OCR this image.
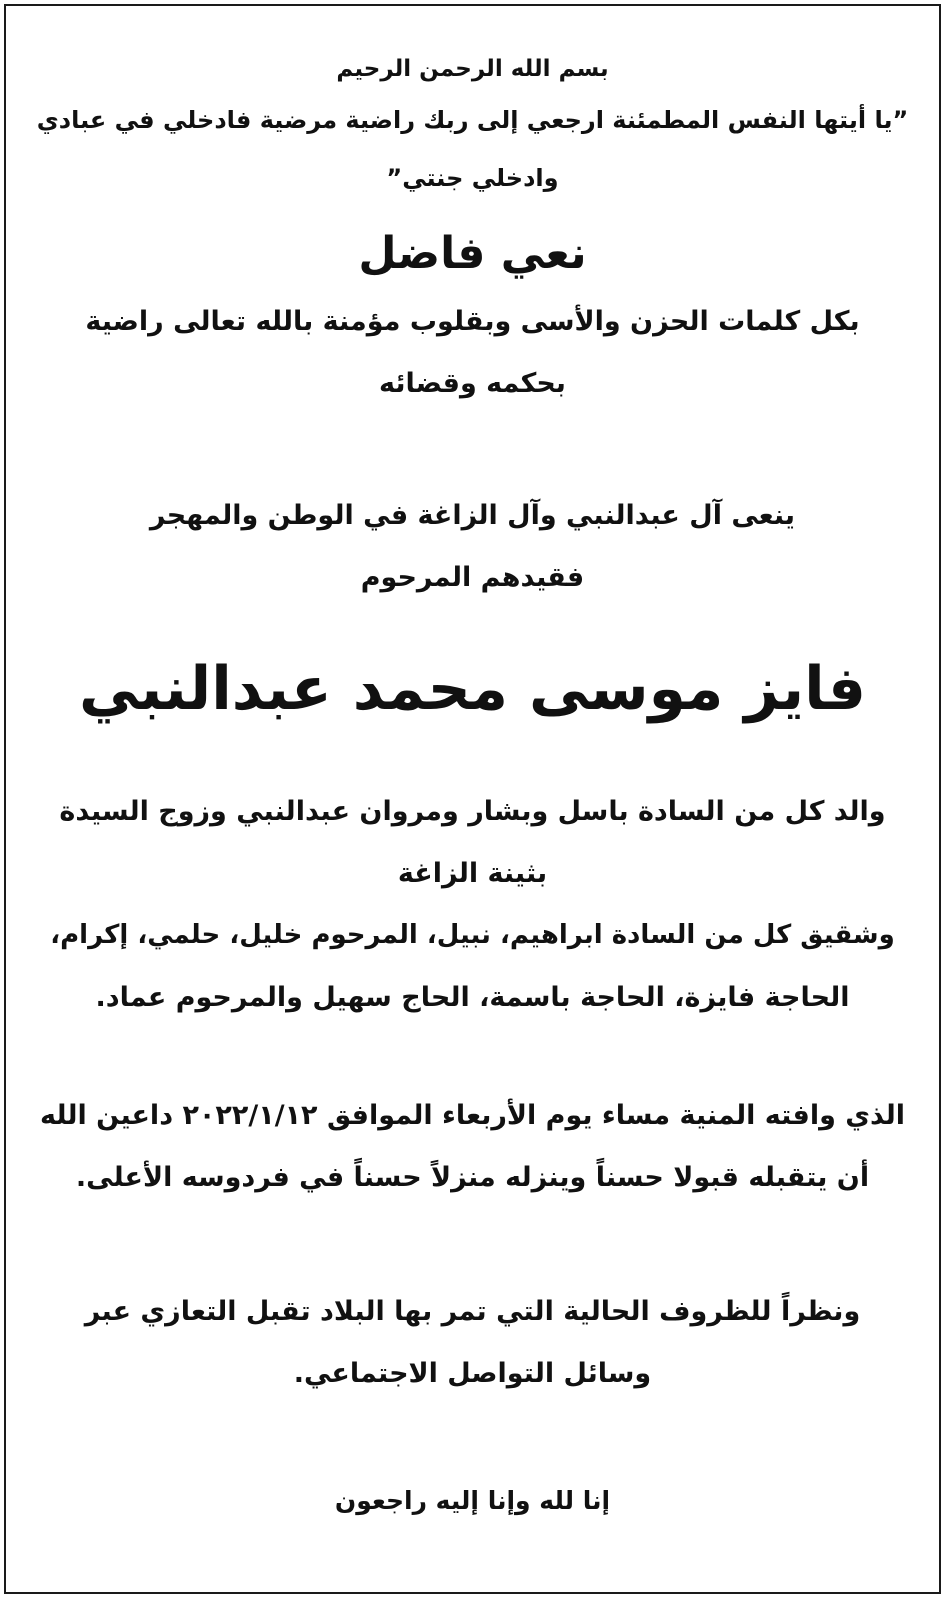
بسم الله الرحمن الرحيم
”يا أيتها النفس المطمئنة ارجعي إلى ربك راضية مرضية فادخلي في عبادي
وادخلي جنتي”
نعي فاضل
بكل كلمات الحزن والأسى وبقلوب مؤمنة بالله تعالى راضية
بحكمه وقضائه
ينعى آل عبدالنبي وآل الزاغة في الوطن والمهجر
فقيدهم المرحوم
فايز موسى محمد عبدالنبي
والد كل من السادة باسل وبشار ومروان عبدالنبي وزوج السيدة
بثينة الزاغة
وشقيق كل من السادة ابراهيم، نبيل، المرحوم خليل، حلمي، إكرام،
الحاجة فايزة، الحاجة باسمة، الحاج سهيل والمرحوم عماد.
الذي وافته المنية مساء يوم الأربعاء الموافق ٢٠٢٢/١/١٢ داعين الله
أن يتقبله قبولا حسناً وينزله منزلاً حسناً في فردوسه الأعلى.
ونظراً للظروف الحالية التي تمر بها البلاد تقبل التعازي عبر
وسائل التواصل الاجتماعي.
إنا لله وإنا إليه راجعون
